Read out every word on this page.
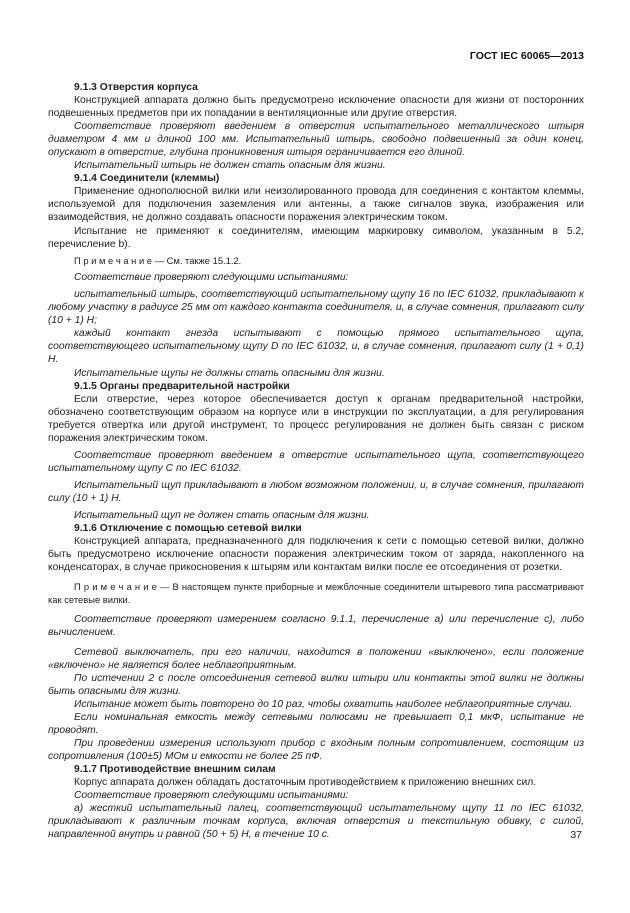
ГОСТ IEC 60065—2013

9.1.3 Отверстия корпуса

Конструкцией аппарата должно быть предусмотрено исключение опасности для жизни от посторонних подвешенных предметов при их попадании в вентиляционные или другие отверстия.

Соответствие проверяют введением в отверстия испытательного металлического штыря диаметром 4 мм и длиной 100 мм. Испытательный штырь, свободно подвешенный за один конец, опускают в отверстие, глубина проникновения штыря ограничивается его длиной.

Испытательный штырь не должен стать опасным для жизни.

9.1.4 Соединители (клеммы)

Применение однополюсной вилки или неизолированного провода для соединения с контактом клеммы, используемой для подключения заземления или антенны, а также сигналов звука, изображения или взаимодействия, не должно создавать опасности поражения электрическим током.

Испытание не применяют к соединителям, имеющим маркировку символом, указанным в 5.2, перечисление b).

П р и м е ч а н и е — См. также 15.1.2.

Соответствие проверяют следующими испытаниями:

испытательный штырь, соответствующий испытательному щупу 16 по IEC 61032, прикладывают к любому участку в радиусе 25 мм от каждого контакта соединителя, и, в случае сомнения, прилагают силу (10 + 1) Н;

каждый контакт гнезда испытывают с помощью прямого испытательного щупа, соответствующего испытательному щупу D по IEC 61032, и, в случае сомнения, прилагают силу (1 + 0,1) Н.

Испытательные щупы не должны стать опасными для жизни.

9.1.5 Органы предварительной настройки

Если отверстие, через которое обеспечивается доступ к органам предварительной настройки, обозначено соответствующим образом на корпусе или в инструкции по эксплуатации, а для регулирования требуется отвертка или другой инструмент, то процесс регулирования не должен быть связан с риском поражения электрическим током.

Соответствие проверяют введением в отверстие испытательного щупа, соответствующего испытательному щупу C по IEC 61032.

Испытательный щуп прикладывают в любом возможном положении, и, в случае сомнения, прилагают силу (10 + 1) Н.

Испытательный щуп не должен стать опасным для жизни.

9.1.6 Отключение с помощью сетевой вилки

Конструкцией аппарата, предназначенного для подключения к сети с помощью сетевой вилки, должно быть предусмотрено исключение опасности поражения электрическим током от заряда, накопленного на конденсаторах, в случае прикосновения к штырям или контактам вилки после ее отсоединения от розетки.

П р и м е ч а н и е — В настоящем пункте приборные и межблочные соединители штыревого типа рассматривают как сетевые вилки.

Соответствие проверяют измерением согласно 9.1.1, перечисление а) или перечисление с), либо вычислением.

Сетевой выключатель, при его наличии, находится в положении «выключено», если положение «включено» не является более неблагоприятным.

По истечении 2 с после отсоединения сетевой вилки штыри или контакты этой вилки не должны быть опасными для жизни.

Испытание может быть повторено до 10 раз, чтобы охватить наиболее неблагоприятные случаи.

Если номинальная емкость между сетевыми полюсами не превышает 0,1 мкФ, испытание не проводят.

При проведении измерения используют прибор с входным полным сопротивлением, состоящим из сопротивления (100±5) МОм и емкости не более 25 пФ.

9.1.7 Противодействие внешним силам

Корпус аппарата должен обладать достаточным противодействием к приложению внешних сил.

Соответствие проверяют следующими испытаниями:

а) жесткий испытательный палец, соответствующий испытательному щупу 11 по IEC 61032, прикладывают к различным точкам корпуса, включая отверстия и текстильную обивку, с силой, направленной внутрь и равной (50 + 5) Н, в течение 10 с.	37
